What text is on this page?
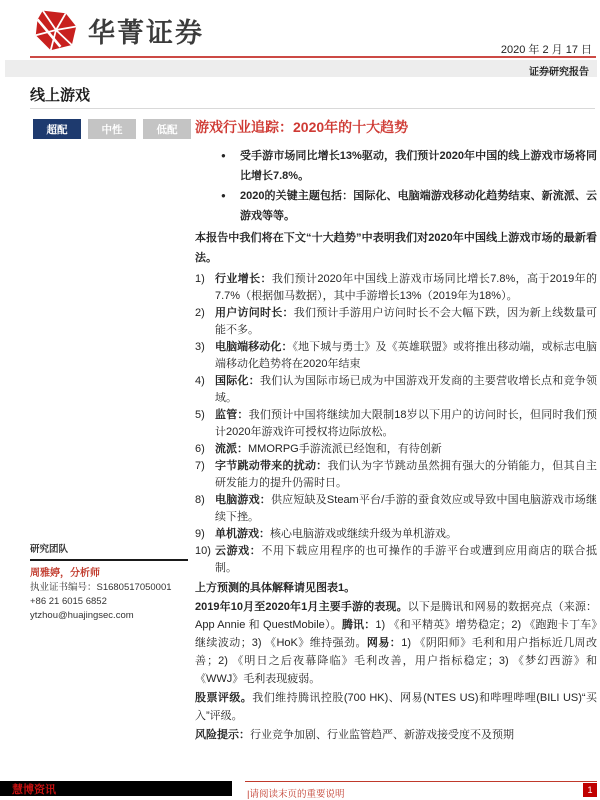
华菁证券
2020 年 2 月 17 日
证券研究报告
线上游戏
超配	中性	低配	游戏行业追踪：2020年的十大趋势
●	受手游市场同比增长13%驱动，我们预计2020年中国的线上游戏市场将同比增长7.8%。

●	2020的关键主题包括：国际化、电脑端游戏移动化趋势结束、新流派、云游戏等等。

本报告中我们将在下文“十大趋势”中表明我们对2020年中国线上游戏市场的最新看法。

1) 行业增长：我们预计2020年中国线上游戏市场同比增长7.8%，高于2019年的7.7%（根据伽马数据），其中手游增长13%（2019年为18%）。

2) 用户访问时长：我们预计手游用户访问时长不会大幅下跌，因为新上线数量可能不多。

3) 电脑端移动化：《地下城与勇士》及《英雄联盟》或将推出移动端，或标志电脑端移动化趋势将在2020年结束

4) 国际化：我们认为国际市场已成为中国游戏开发商的主要营收增长点和竞争领域。

5) 监管：我们预计中国将继续加大限制18岁以下用户的访问时长，但同时我们预计2020年游戏许可授权将边际放松。

6) 流派：MMORPG手游流派已经饱和，有待创新

7) 字节跳动带来的扰动：我们认为字节跳动虽然拥有强大的分销能力，但其自主研发能力的提升仍需时日。

8) 电脑游戏：供应短缺及Steam平台/手游的蚕食效应或导致中国电脑游戏市场继续下挫。

9) 单机游戏：核心电脑游戏或继续升级为单机游戏。

10) 云游戏：不用下载应用程序的也可操作的手游平台或遭到应用商店的联合抵制。

上方预测的具体解释请见图表1。

2019年10月至2020年1月主要手游的表现。以下是腾讯和网易的数据亮点（来源： App Annie 和 QuestMobile）。腾讯：1) 《和平精英》增势稳定；2) 《跑跑卡丁车》继续波动；3) 《HoK》维持强劲。网易：1) 《阴阳师》毛利和用户指标近几周改善；2) 《明日之后夜幕降临》毛利改善，用户指标稳定；3) 《梦幻西游》和《WWJ》毛利表现疲弱。

股票评级。我们维持腾讯控股(700 HK)、网易(NTES US)和哔哩哔哩(BILI US)“买入”评级。

风险提示：行业竞争加剧、行业监管趋严、新游戏接受度不及预期

研究团队
周雅婷，分析师
执业证书编号：S1680517050001
+86 21 6015 6852
ytzhou@huajingsec.com
慧博资讯	|请阅读末页的重要说明	1
